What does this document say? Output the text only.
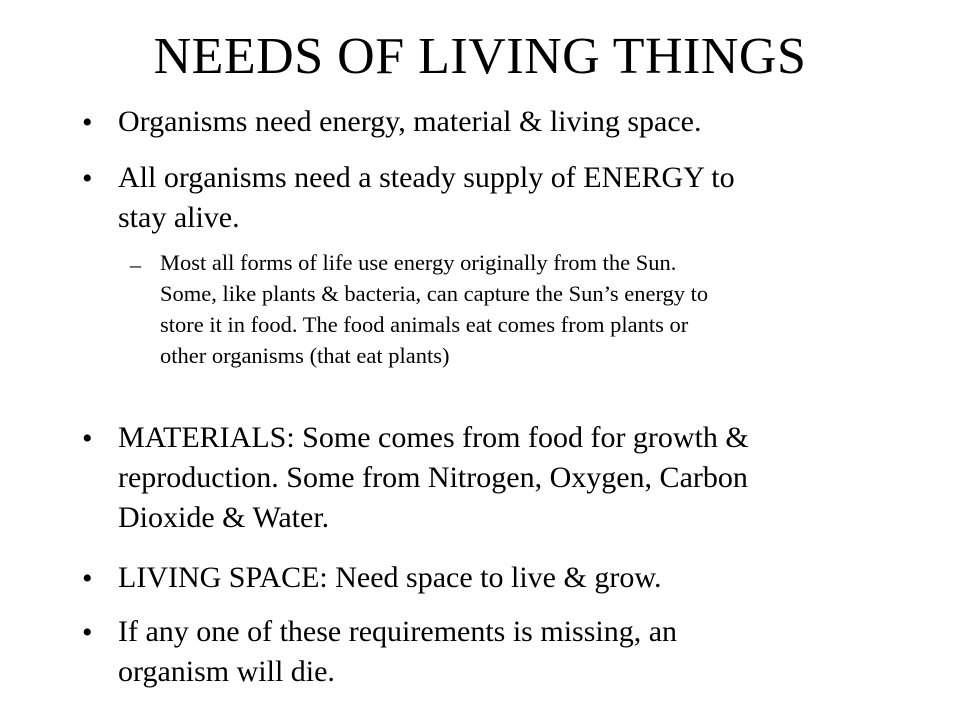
NEEDS OF LIVING THINGS
• Organisms need energy, material & living space.
• All organisms need a steady supply of ENERGY to
stay alive.
– Most all forms of life use energy originally from the Sun.
Some, like plants & bacteria, can capture the Sun’s energy to
store it in food. The food animals eat comes from plants or
other organisms (that eat plants)
• MATERIALS: Some comes from food for growth &
reproduction. Some from Nitrogen, Oxygen, Carbon
Dioxide & Water.
• LIVING SPACE: Need space to live & grow.
• If any one of these requirements is missing, an
organism will die.
